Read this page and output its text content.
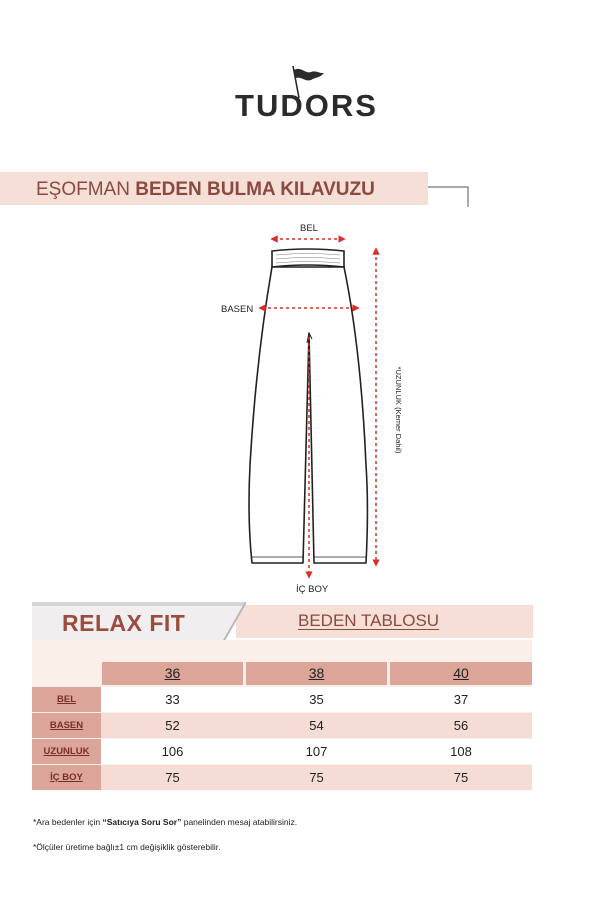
TUDORS
EŞOFMAN BEDEN BULMA KILAVUZU
BEL
BASEN
İÇ BOY
*UZUNLUK (Kemer Dahil)
RELAX FIT	BEDEN TABLOSU
36	38	40
BEL	33	35	37
BASEN	52	54	56
UZUNLUK	106	107	108
İÇ BOY	75	75	75
*Ara bedenler için “Satıcıya Soru Sor” panelinden mesaj atabilirsiniz.
*Ölçüler üretime bağlı±1 cm değişiklik gösterebilir.
